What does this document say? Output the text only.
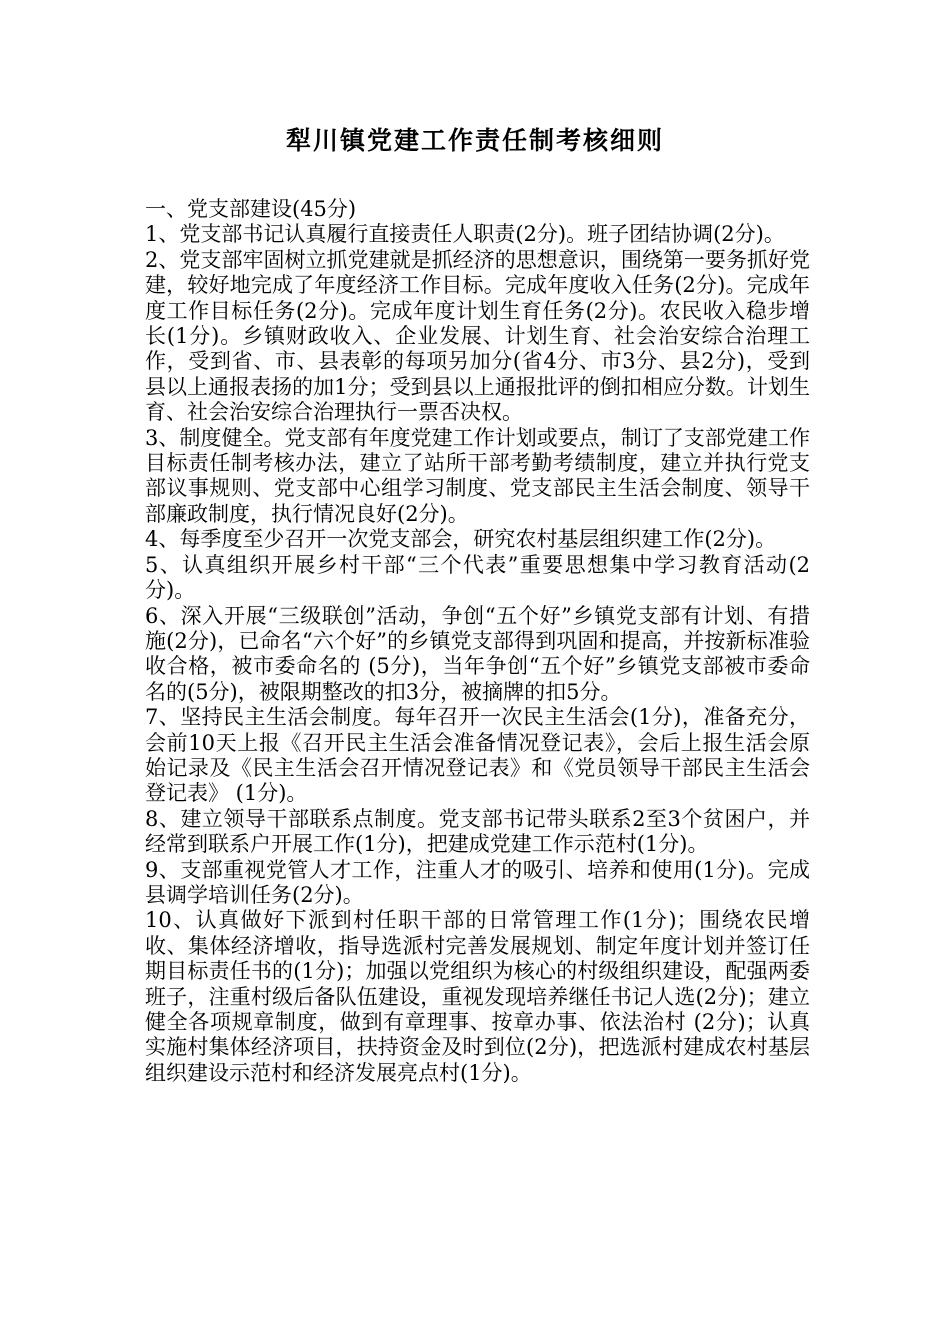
犁川镇党建工作责任制考核细则

一、党支部建设(45分)

1、党支部书记认真履行直接责任人职责(2分)。班子团结协调(2分)。

2、党支部牢固树立抓党建就是抓经济的思想意识，围绕第一要务抓好党建，较好地完成了年度经济工作目标。完成年度收入任务(2分)。完成年度工作目标任务(2分)。完成年度计划生育任务(2分)。农民收入稳步增长(1分)。乡镇财政收入、企业发展、计划生育、社会治安综合治理工作，受到省、市、县表彰的每项另加分(省4分、市3分、县2分)，受到县以上通报表扬的加1分；受到县以上通报批评的倒扣相应分数。计划生育、社会治安综合治理执行一票否决权。

3、制度健全。党支部有年度党建工作计划或要点，制订了支部党建工作目标责任制考核办法，建立了站所干部考勤考绩制度，建立并执行党支部议事规则、党支部中心组学习制度、党支部民主生活会制度、领导干部廉政制度，执行情况良好(2分)。

4、每季度至少召开一次党支部会，研究农村基层组织建工作(2分)。

5、认真组织开展乡村干部“三个代表”重要思想集中学习教育活动(2分)。

6、深入开展“三级联创”活动，争创“五个好”乡镇党支部有计划、有措施(2分)，已命名“六个好”的乡镇党支部得到巩固和提高，并按新标准验收合格，被市委命名的 (5分)，当年争创“五个好”乡镇党支部被市委命名的(5分)，被限期整改的扣3分，被摘牌的扣5分。

7、坚持民主生活会制度。每年召开一次民主生活会(1分)，准备充分，会前10天上报《召开民主生活会准备情况登记表》，会后上报生活会原始记录及《民主生活会召开情况登记表》和《党员领导干部民主生活会登记表》 (1分)。

8、建立领导干部联系点制度。党支部书记带头联系2至3个贫困户，并经常到联系户开展工作(1分)，把建成党建工作示范村(1分)。

9、支部重视党管人才工作，注重人才的吸引、培养和使用(1分)。完成县调学培训任务(2分)。

10、认真做好下派到村任职干部的日常管理工作(1分)；围绕农民增收、集体经济增收，指导选派村完善发展规划、制定年度计划并签订任期目标责任书的(1分)；加强以党组织为核心的村级组织建设，配强两委班子，注重村级后备队伍建设，重视发现培养继任书记人选(2分)；建立健全各项规章制度，做到有章理事、按章办事、依法治村 (2分)；认真实施村集体经济项目，扶持资金及时到位(2分)，把选派村建成农村基层组织建设示范村和经济发展亮点村(1分)。
